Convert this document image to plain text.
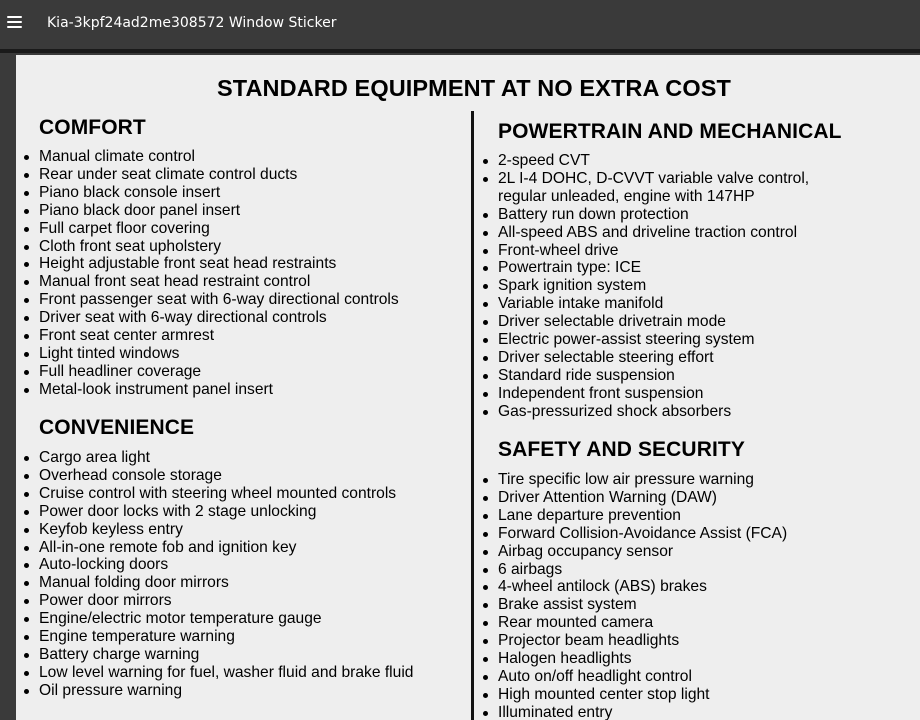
Kia-3kpf24ad2me308572 Window Sticker
STANDARD EQUIPMENT AT NO EXTRA COST
COMFORT
Manual climate control
Rear under seat climate control ducts
Piano black console insert
Piano black door panel insert
Full carpet floor covering
Cloth front seat upholstery
Height adjustable front seat head restraints
Manual front seat head restraint control
Front passenger seat with 6-way directional controls
Driver seat with 6-way directional controls
Front seat center armrest
Light tinted windows
Full headliner coverage
Metal-look instrument panel insert
CONVENIENCE
Cargo area light
Overhead console storage
Cruise control with steering wheel mounted controls
Power door locks with 2 stage unlocking
Keyfob keyless entry
All-in-one remote fob and ignition key
Auto-locking doors
Manual folding door mirrors
Power door mirrors
Engine/electric motor temperature gauge
Engine temperature warning
Battery charge warning
Low level warning for fuel, washer fluid and brake fluid
Oil pressure warning
POWERTRAIN AND MECHANICAL
2-speed CVT
2L I-4 DOHC, D-CVVT variable valve control, regular unleaded, engine with 147HP
Battery run down protection
All-speed ABS and driveline traction control
Front-wheel drive
Powertrain type: ICE
Spark ignition system
Variable intake manifold
Driver selectable drivetrain mode
Electric power-assist steering system
Driver selectable steering effort
Standard ride suspension
Independent front suspension
Gas-pressurized shock absorbers
SAFETY AND SECURITY
Tire specific low air pressure warning
Driver Attention Warning (DAW)
Lane departure prevention
Forward Collision-Avoidance Assist (FCA)
Airbag occupancy sensor
6 airbags
4-wheel antilock (ABS) brakes
Brake assist system
Rear mounted camera
Projector beam headlights
Halogen headlights
Auto on/off headlight control
High mounted center stop light
Illuminated entry
